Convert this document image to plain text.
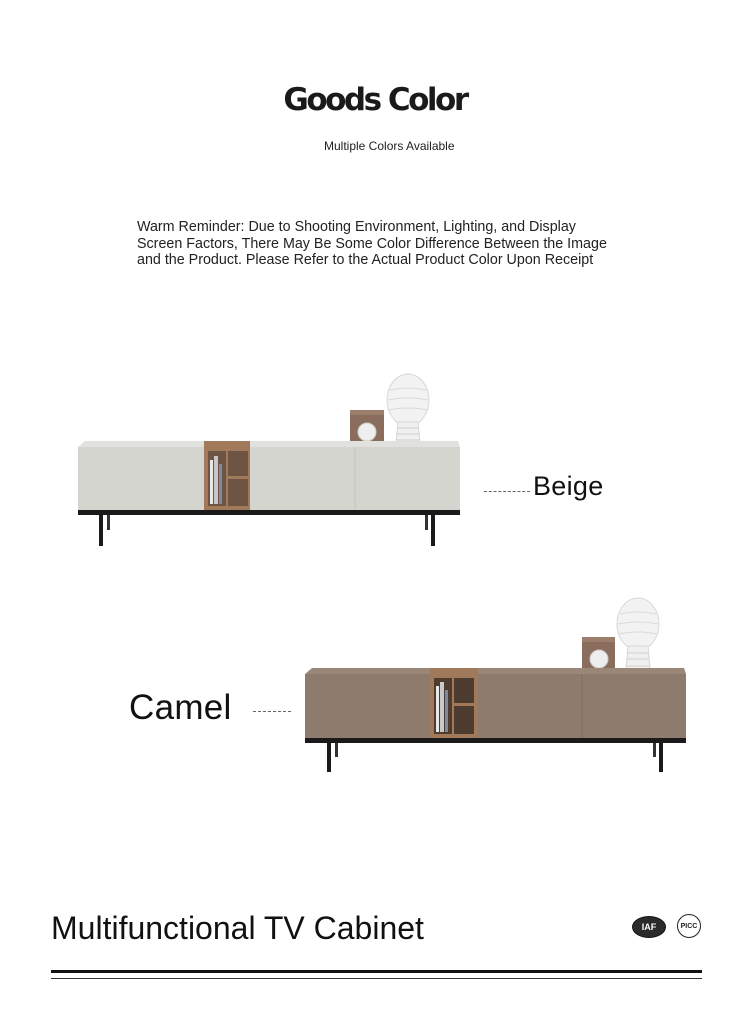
Goods Color
Multiple Colors Available
Warm Reminder: Due to Shooting Environment, Lighting, and Display
Screen Factors, There May Be Some Color Difference Between the Image
and the Product. Please Refer to the Actual Product Color Upon Receipt
Beige
Camel
Multifunctional TV Cabinet	IAF	PICC
